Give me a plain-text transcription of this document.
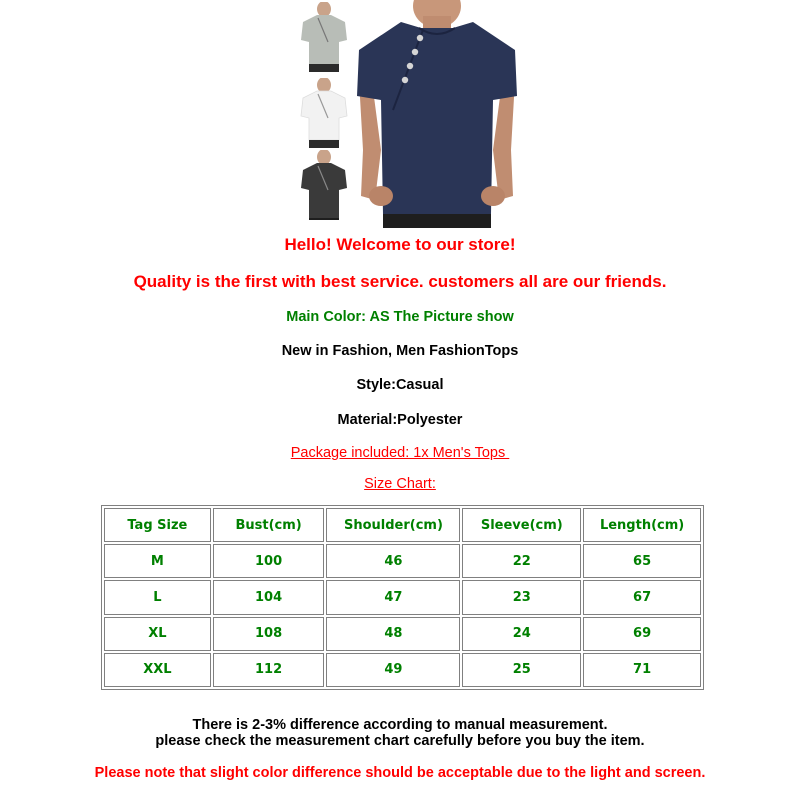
Hello! Welcome to our store!
Quality is the first with best service. customers all are our friends.
Main Color: AS The Picture show
New in Fashion, Men FashionTops
Style:Casual
Material:Polyester
Package included: 1x Men's Tops
Size Chart:
Tag Size	Bust(cm)	Shoulder(cm)	Sleeve(cm)	Length(cm)
M	100	46	22	65
L	104	47	23	67
XL	108	48	24	69
XXL	112	49	25	71
There is 2-3% difference according to manual measurement.
please check the measurement chart carefully before you buy the item.
Please note that slight color difference should be acceptable due to the light and screen.
